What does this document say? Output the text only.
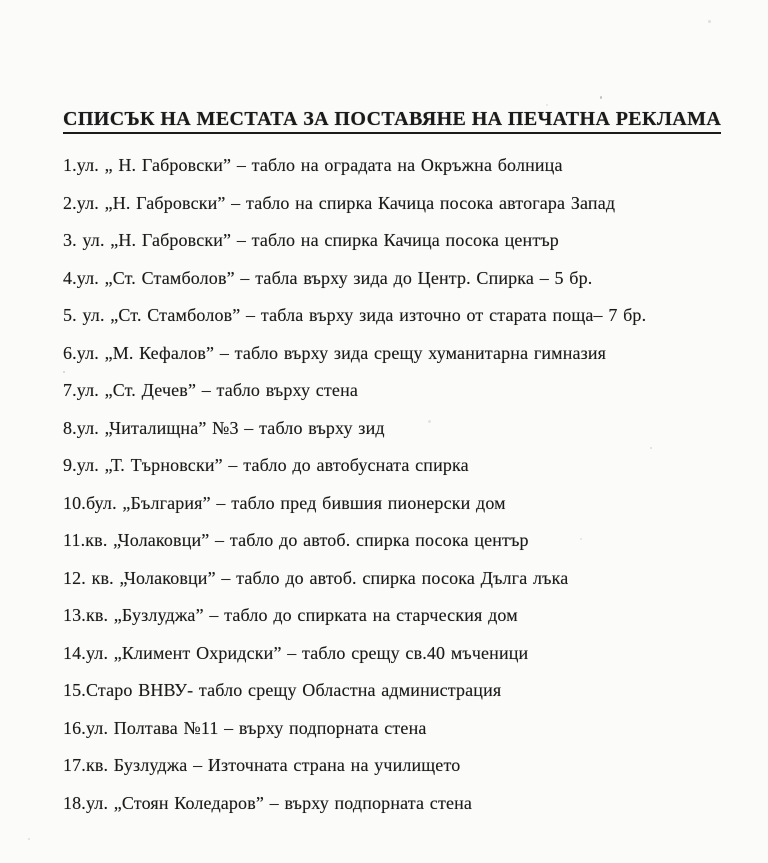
СПИСЪК НА МЕСТАТА ЗА ПОСТАВЯНЕ НА ПЕЧАТНА РЕКЛАМА

1.ул. „ Н. Габровски” – табло на оградата на Окръжна болница

2.ул. „Н. Габровски” – табло на спирка Качица посока автогара Запад

3. ул. „Н. Габровски” – табло на спирка Качица посока център

4.ул. „Ст. Стамболов” – табла върху зида до Центр. Спирка – 5 бр.

5. ул. „Ст. Стамболов” – табла върху зида източно от старата поща– 7 бр.

6.ул. „М. Кефалов” – табло върху зида срещу хуманитарна гимназия

7.ул. „Ст. Дечев” – табло върху стена

8.ул. „Читалищна” №3 – табло върху зид

9.ул. „Т. Търновски” – табло до автобусната спирка

10.бул. „България” – табло пред бившия пионерски дом

11.кв. „Чолаковци” – табло до автоб. спирка посока център

12. кв. „Чолаковци” – табло до автоб. спирка посока Дълга лъка

13.кв. „Бузлуджа” – табло до спирката на старческия дом

14.ул. „Климент Охридски” – табло срещу св.40 мъченици

15.Старо ВНВУ- табло срещу Областна администрация

16.ул. Полтава №11 – върху подпорната стена

17.кв. Бузлуджа – Източната страна на училището

18.ул. „Стоян Коледаров” – върху подпорната стена
